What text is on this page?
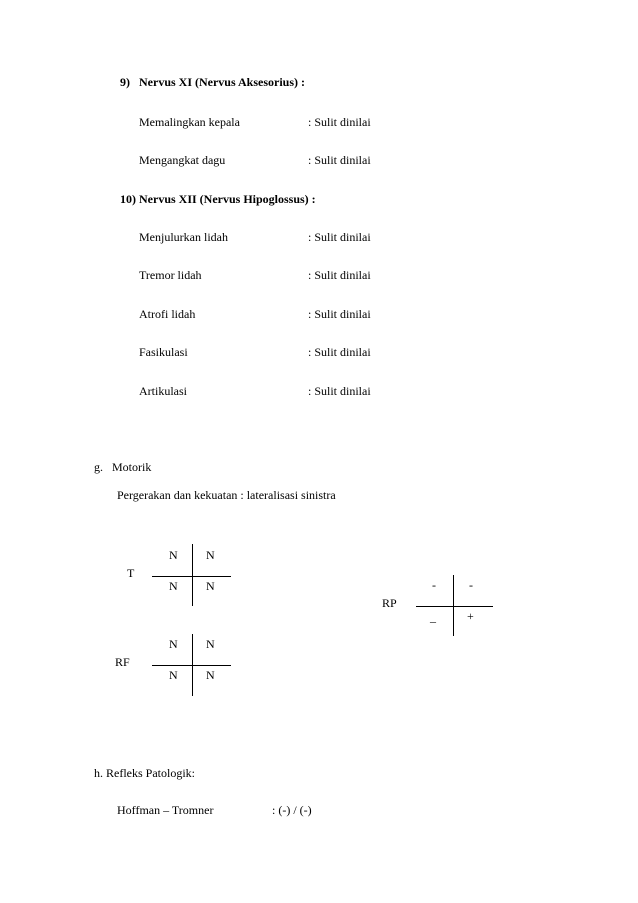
9)   Nervus XI (Nervus Aksesorius) :
Memalingkan kepala	: Sulit dinilai
Mengangkat dagu	: Sulit dinilai
10) Nervus XII (Nervus Hipoglossus) :
Menjulurkan lidah	: Sulit dinilai
Tremor lidah	: Sulit dinilai
Atrofi lidah	: Sulit dinilai
Fasikulasi	: Sulit dinilai
Artikulasi	: Sulit dinilai
g.   Motorik
Pergerakan dan kekuatan : lateralisasi sinistra
T
N N
N N
RP
-	-
_	+
RF
N N
N N
h. Refleks Patologik:
Hoffman – Tromner	: (-) / (-)
